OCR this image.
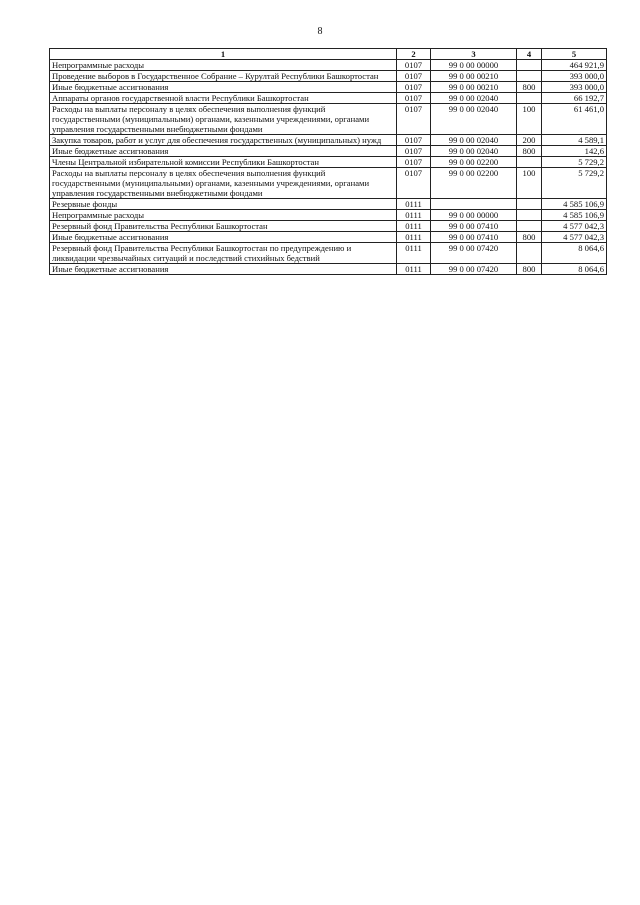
8
1	2	3	4	5
Непрограммные расходы	0107	99 0 00 00000		464 921,9
Проведение выборов в Государственное Собрание – Курултай Республики Башкортостан	0107	99 0 00 00210		393 000,0
Иные бюджетные ассигнования	0107	99 0 00 00210	800	393 000,0
Аппараты органов государственной власти Республики Башкортостан	0107	99 0 00 02040		66 192,7
Расходы на выплаты персоналу в целях обеспечения выполнения функций государственными (муниципальными) органами, казенными учреждениями, органами управления государственными внебюджетными фондами	0107	99 0 00 02040	100	61 461,0
Закупка товаров, работ и услуг для обеспечения государственных (муниципальных) нужд	0107	99 0 00 02040	200	4 589,1
Иные бюджетные ассигнования	0107	99 0 00 02040	800	142,6
Члены Центральной избирательной комиссии Республики Башкортостан	0107	99 0 00 02200		5 729,2
Расходы на выплаты персоналу в целях обеспечения выполнения функций государственными (муниципальными) органами, казенными учреждениями, органами управления государственными внебюджетными фондами	0107	99 0 00 02200	100	5 729,2
Резервные фонды	0111			4 585 106,9
Непрограммные расходы	0111	99 0 00 00000		4 585 106,9
Резервный фонд Правительства Республики Башкортостан	0111	99 0 00 07410		4 577 042,3
Иные бюджетные ассигнования	0111	99 0 00 07410	800	4 577 042,3
Резервный фонд Правительства Республики Башкортостан по предупреждению и ликвидации чрезвычайных ситуаций и последствий стихийных бедствий	0111	99 0 00 07420		8 064,6
Иные бюджетные ассигнования	0111	99 0 00 07420	800	8 064,6
